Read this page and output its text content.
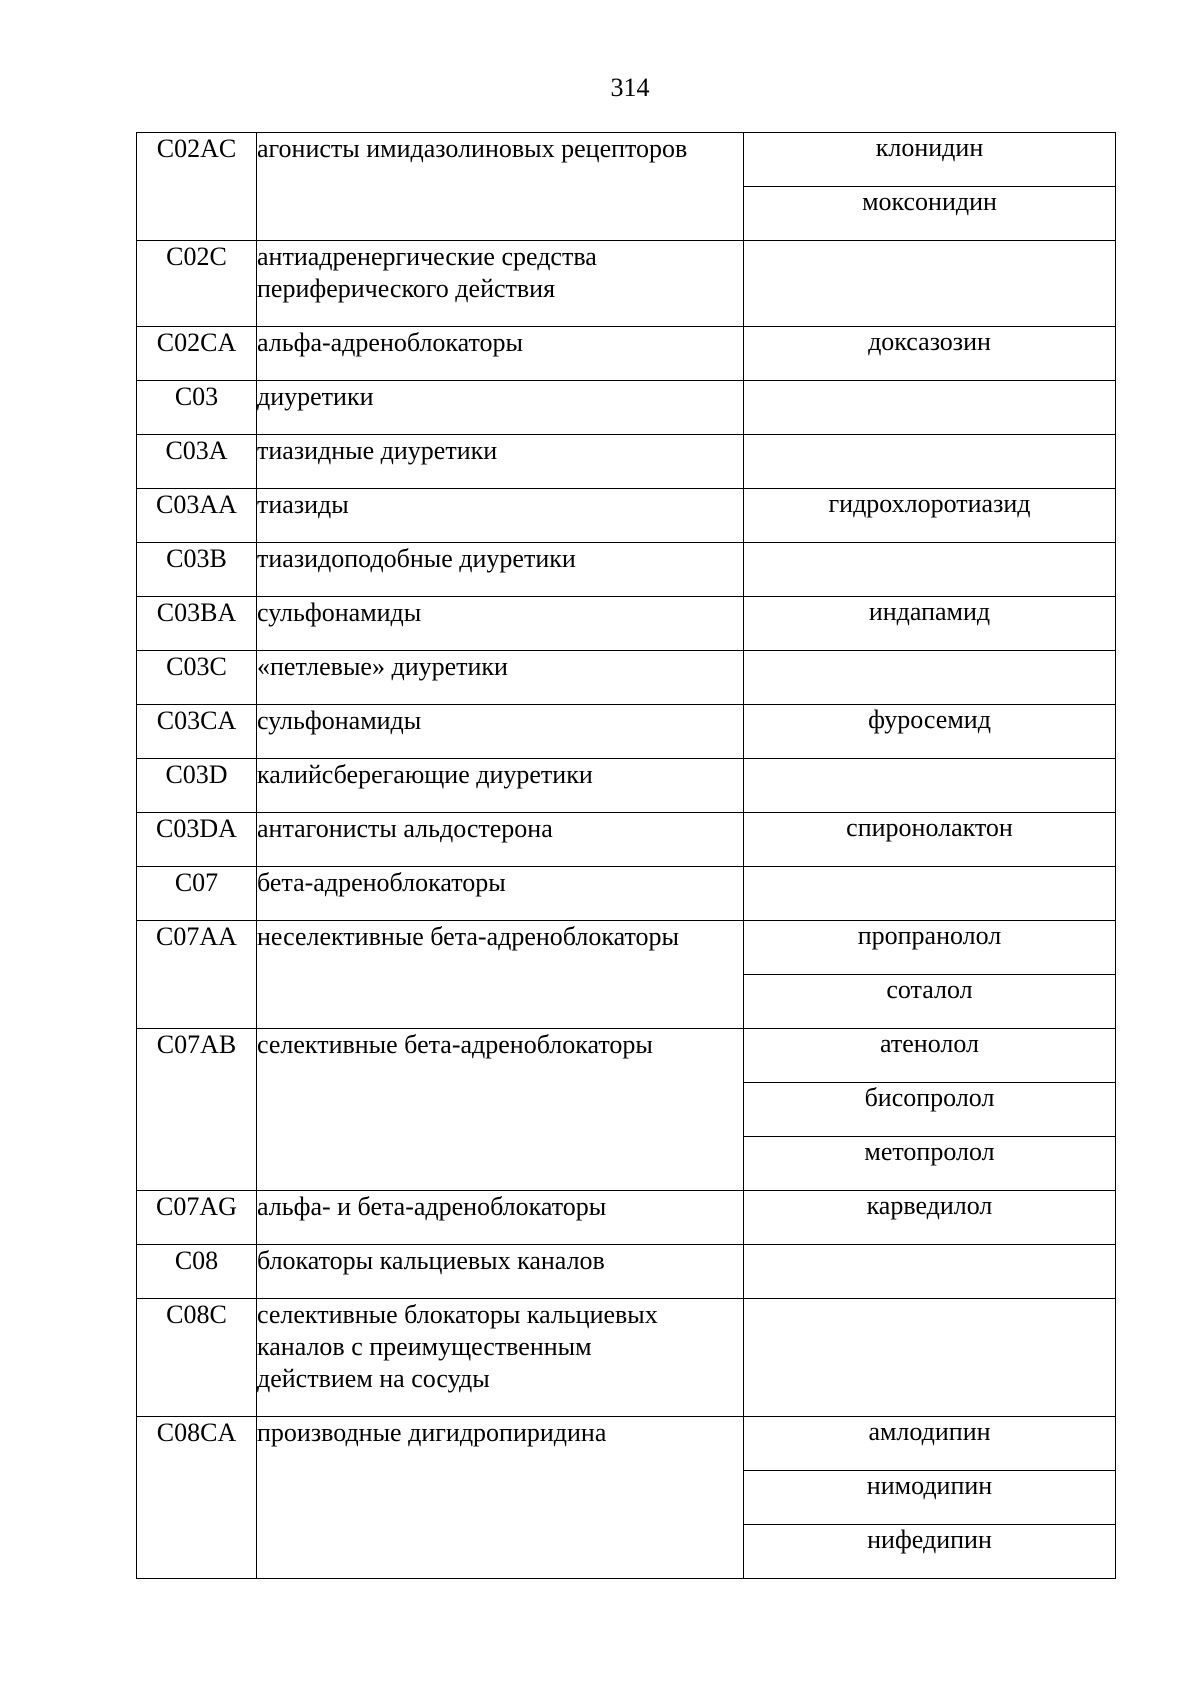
314
C02AC	агонисты имидазолиновых рецепторов	клонидин
		моксонидин

C02C	антиадренергические средства
периферического действия	

C02CA	альфа-адреноблокаторы	доксазозин

C03	диуретики	

C03A	тиазидные диуретики	

C03AA	тиазиды	гидрохлоротиазид

C03B	тиазидоподобные диуретики	

C03BA	сульфонамиды	индапамид

C03C	«петлевые» диуретики	

C03CA	сульфонамиды	фуросемид

C03D	калийсберегающие диуретики	

C03DA	антагонисты альдостерона	спиронолактон

C07	бета-адреноблокаторы	

C07AA	неселективные бета-адреноблокаторы	пропранолол
		соталол

C07AB	селективные бета-адреноблокаторы	атенолол
		бисопролол
		метопролол

C07AG	альфа- и бета-адреноблокаторы	карведилол

C08	блокаторы кальциевых каналов	

C08C	селективные блокаторы кальциевых
каналов с преимущественным
действием на сосуды	

C08CA	производные дигидропиридина	амлодипин
		нимодипин
		нифедипин
